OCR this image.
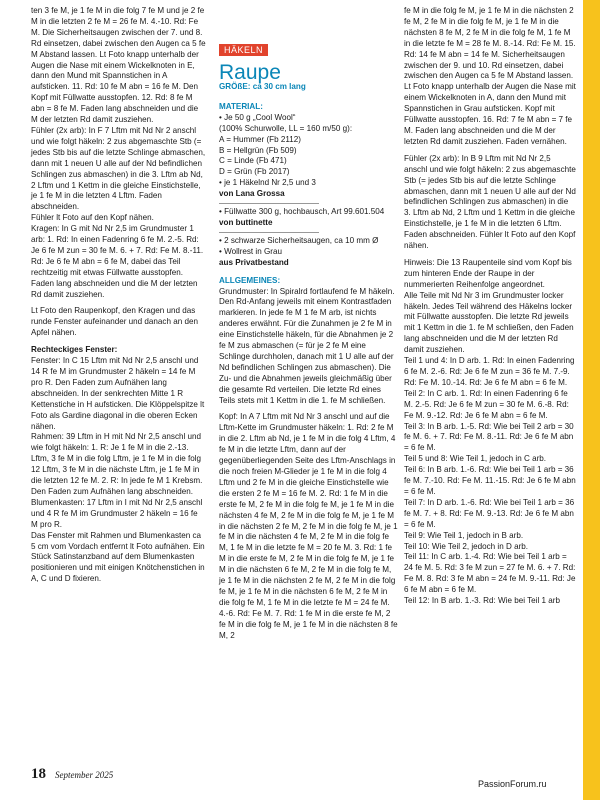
ten 3 fe M, je 1 fe M in die folg 7 fe M und je 2 fe M in die letzten 2 fe M = 26 fe M. 4.-10. Rd: Fe M. Die Sicherheitsaugen zwischen der 7. und 8. Rd einsetzen, dabei zwischen den Augen ca 5 fe M Abstand lassen. Lt Foto knapp unterhalb der Augen die Nase mit einem Wickelknoten in E, dann den Mund mit Spannstichen in A aufsticken. 11. Rd: 10 fe M abn = 16 fe M. Den Kopf mit Füllwatte ausstopfen. 12. Rd: 8 fe M abn = 8 fe M. Faden lang abschneiden und die M der letzten Rd damit zusziehen.

Fühler (2x arb): In F 7 Lftm mit Nd Nr 2 anschl und wie folgt häkeln: 2 zus abgemaschte Stb (= jedes Stb bis auf die letzte Schlinge abmaschen, dann mit 1 neuen U alle auf der Nd befindlichen Schlingen zus abmaschen) in die 3. Lftm ab Nd, 2 Lftm und 1 Kettm in die gleiche Einstichstelle, je 1 fe M in die letzten 4 Lftm. Faden abschneiden.

Fühler lt Foto auf den Kopf nähen.

Kragen: In G mit Nd Nr 2,5 im Grundmuster 1 arb: 1. Rd: In einen Fadenring 6 fe M. 2.-5. Rd: Je 6 fe M zun = 30 fe M. 6. + 7. Rd: Fe M. 8.-11. Rd: Je 6 fe M abn = 6 fe M, dabei das Teil rechtzeitig mit etwas Füllwatte ausstopfen. Faden lang abschneiden und die M der letzten Rd damit zusziehen.

Lt Foto den Raupenkopf, den Kragen und das runde Fenster aufeinander und danach an den Apfel nähen.

Rechteckiges Fenster:

Fenster: In C 15 Lftm mit Nd Nr 2,5 anschl und 14 R fe M im Grundmuster 2 häkeln = 14 fe M pro R. Den Faden zum Aufnähen lang abschneiden. In der senkrechten Mitte 1 R Kettenstiche in H aufsticken. Die Klöppelspitze lt Foto als Gardine diagonal in die oberen Ecken nähen.

Rahmen: 39 Lftm in H mit Nd Nr 2,5 anschl und wie folgt häkeln: 1. R: Je 1 fe M in die 2.-13. Lftm, 3 fe M in die folg Lftm, je 1 fe M in die folg 12 Lftm, 3 fe M in die nächste Lftm, je 1 fe M in die letzten 12 fe M. 2. R: In jede fe M 1 Krebsm. Den Faden zum Aufnähen lang abschneiden.

Blumenkasten: 17 Lftm in I mit Nd Nr 2,5 anschl und 4 R fe M im Grundmuster 2 häkeln = 16 fe M pro R.

Das Fenster mit Rahmen und Blumenkasten ca 5 cm vom Vordach entfernt lt Foto aufnähen. Ein Stück Satinstanzband auf dem Blumenkasten positionieren und mit einigen Knötchenstichen in A, C und D fixieren.

HÄKELN
Raupe

GRÖßE: ca 30 cm lang

MATERIAL:

• Je 50 g „Cool Wool“

(100% Schurwolle, LL = 160 m/50 g):

A = Hummer (Fb 2112)

B = Hellgrün (Fb 509)

C = Linde (Fb 471)

D = Grün (Fb 2017)

• je 1 Häkelnd Nr 2,5 und 3

von Lana Grossa

• Füllwatte 300 g, hochbausch, Art 99.601.504

von buttinette

• 2 schwarze Sicherheitsaugen, ca 10 mm Ø

• Wollrest in Grau

aus Privatbestand

ALLGEMEINES:

Grundmuster: In Spiralrd fortlaufend fe M häkeln. Den Rd-Anfang jeweils mit einem Kontrastfaden markieren. In jede fe M 1 fe M arb, ist nichts anderes erwähnt. Für die Zunahmen je 2 fe M in eine Einstichstelle häkeln, für die Abnahmen je 2 fe M zus abmaschen (= für je 2 fe M eine Schlinge durchholen, danach mit 1 U alle auf der Nd befindlichen Schlingen zus abmaschen). Die Zu- und die Abnahmen jeweils gleichmäßig über die gesamte Rd verteilen. Die letzte Rd eines Teils stets mit 1 Kettm in die 1. fe M schließen.

Kopf: In A 7 Lftm mit Nd Nr 3 anschl und auf die Lftm-Kette im Grundmuster häkeln: 1. Rd: 2 fe M in die 2. Lftm ab Nd, je 1 fe M in die folg 4 Lftm, 4 fe M in die letzte Lftm, dann auf der gegenüberliegenden Seite des Lftm-Anschlags in die noch freien M-Glieder je 1 fe M in die folg 4 Lftm und 2 fe M in die gleiche Einstichstelle wie die ersten 2 fe M = 16 fe M. 2. Rd: 1 fe M in die erste fe M, 2 fe M in die folg fe M, je 1 fe M in die nächsten 4 fe M, 2 fe M in die folg fe M, je 1 fe M in die nächsten 2 fe M, 2 fe M in die folg fe M, je 1 fe M in die nächsten 4 fe M, 2 fe M in die folg fe M, 1 fe M in die letzte fe M = 20 fe M. 3. Rd: 1 fe M in die erste fe M, 2 fe M in die folg fe M, je 1 fe M in die nächsten 6 fe M, 2 fe M in die folg fe M, je 1 fe M in die nächsten 2 fe M, 2 fe M in die folg fe M, je 1 fe M in die nächsten 6 fe M, 2 fe M in die folg fe M, 1 fe M in die letzte fe M = 24 fe M. 4.-6. Rd: Fe M. 7. Rd: 1 fe M in die erste fe M, 2 fe M in die folg fe M, je 1 fe M in die nächsten 8 fe M, 2

fe M in die folg fe M, je 1 fe M in die nächsten 2 fe M, 2 fe M in die folg fe M, je 1 fe M in die nächsten 8 fe M, 2 fe M in die folg fe M, 1 fe M in die letzte fe M = 28 fe M. 8.-14. Rd: Fe M. 15. Rd: 14 fe M abn = 14 fe M. Sicherheitsaugen zwischen der 9. und 10. Rd einsetzen, dabei zwischen den Augen ca 5 fe M Abstand lassen. Lt Foto knapp unterhalb der Augen die Nase mit einem Wickelknoten in A, dann den Mund mit Spannstichen in Grau aufsticken. Kopf mit Füllwatte ausstopfen. 16. Rd: 7 fe M abn = 7 fe M. Faden lang abschneiden und die M der letzten Rd damit zusziehen. Faden vernähen.

Fühler (2x arb): In B 9 Lftm mit Nd Nr 2,5 anschl und wie folgt häkeln: 2 zus abgemaschte Stb (= jedes Stb bis auf die letzte Schlinge abmaschen, dann mit 1 neuen U alle auf der Nd befindlichen Schlingen zus abmaschen) in die 3. Lftm ab Nd, 2 Lftm und 1 Kettm in die gleiche Einstichstelle, je 1 fe M in die letzten 6 Lftm. Faden abschneiden. Fühler lt Foto auf den Kopf nähen.

Hinweis: Die 13 Raupenteile sind vom Kopf bis zum hinteren Ende der Raupe in der nummerierten Reihenfolge angeordnet.

Alle Teile mit Nd Nr 3 im Grundmuster locker häkeln. Jedes Teil während des Häkelns locker mit Füllwatte ausstopfen. Die letzte Rd jeweils mit 1 Kettm in die 1. fe M schließen, den Faden lang abschneiden und die M der letzten Rd damit zusziehen.

Teil 1 und 4: In D arb. 1. Rd: In einen Fadenring 6 fe M. 2.-6. Rd: Je 6 fe M zun = 36 fe M. 7.-9. Rd: Fe M. 10.-14. Rd: Je 6 fe M abn = 6 fe M.

Teil 2: In C arb. 1. Rd: In einen Fadenring 6 fe M. 2.-5. Rd: Je 6 fe M zun = 30 fe M. 6.-8. Rd: Fe M. 9.-12. Rd: Je 6 fe M abn = 6 fe M.

Teil 3: In B arb. 1.-5. Rd: Wie bei Teil 2 arb = 30 fe M. 6. + 7. Rd: Fe M. 8.-11. Rd: Je 6 fe M abn = 6 fe M.

Teil 5 und 8: Wie Teil 1, jedoch in C arb.

Teil 6: In B arb. 1.-6. Rd: Wie bei Teil 1 arb = 36 fe M. 7.-10. Rd: Fe M. 11.-15. Rd: Je 6 fe M abn = 6 fe M.

Teil 7: In D arb. 1.-6. Rd: Wie bei Teil 1 arb = 36 fe M. 7. + 8. Rd: Fe M. 9.-13. Rd: Je 6 fe M abn = 6 fe M.

Teil 9: Wie Teil 1, jedoch in B arb.

Teil 10: Wie Teil 2, jedoch in D arb.

Teil 11: In C arb. 1.-4. Rd: Wie bei Teil 1 arb = 24 fe M. 5. Rd: 3 fe M zun = 27 fe M. 6. + 7. Rd: Fe M. 8. Rd: 3 fe M abn = 24 fe M. 9.-11. Rd: Je 6 fe M abn = 6 fe M.

Teil 12: In B arb. 1.-3. Rd: Wie bei Teil 1 arb

18 September 2025
PassionForum.ru
